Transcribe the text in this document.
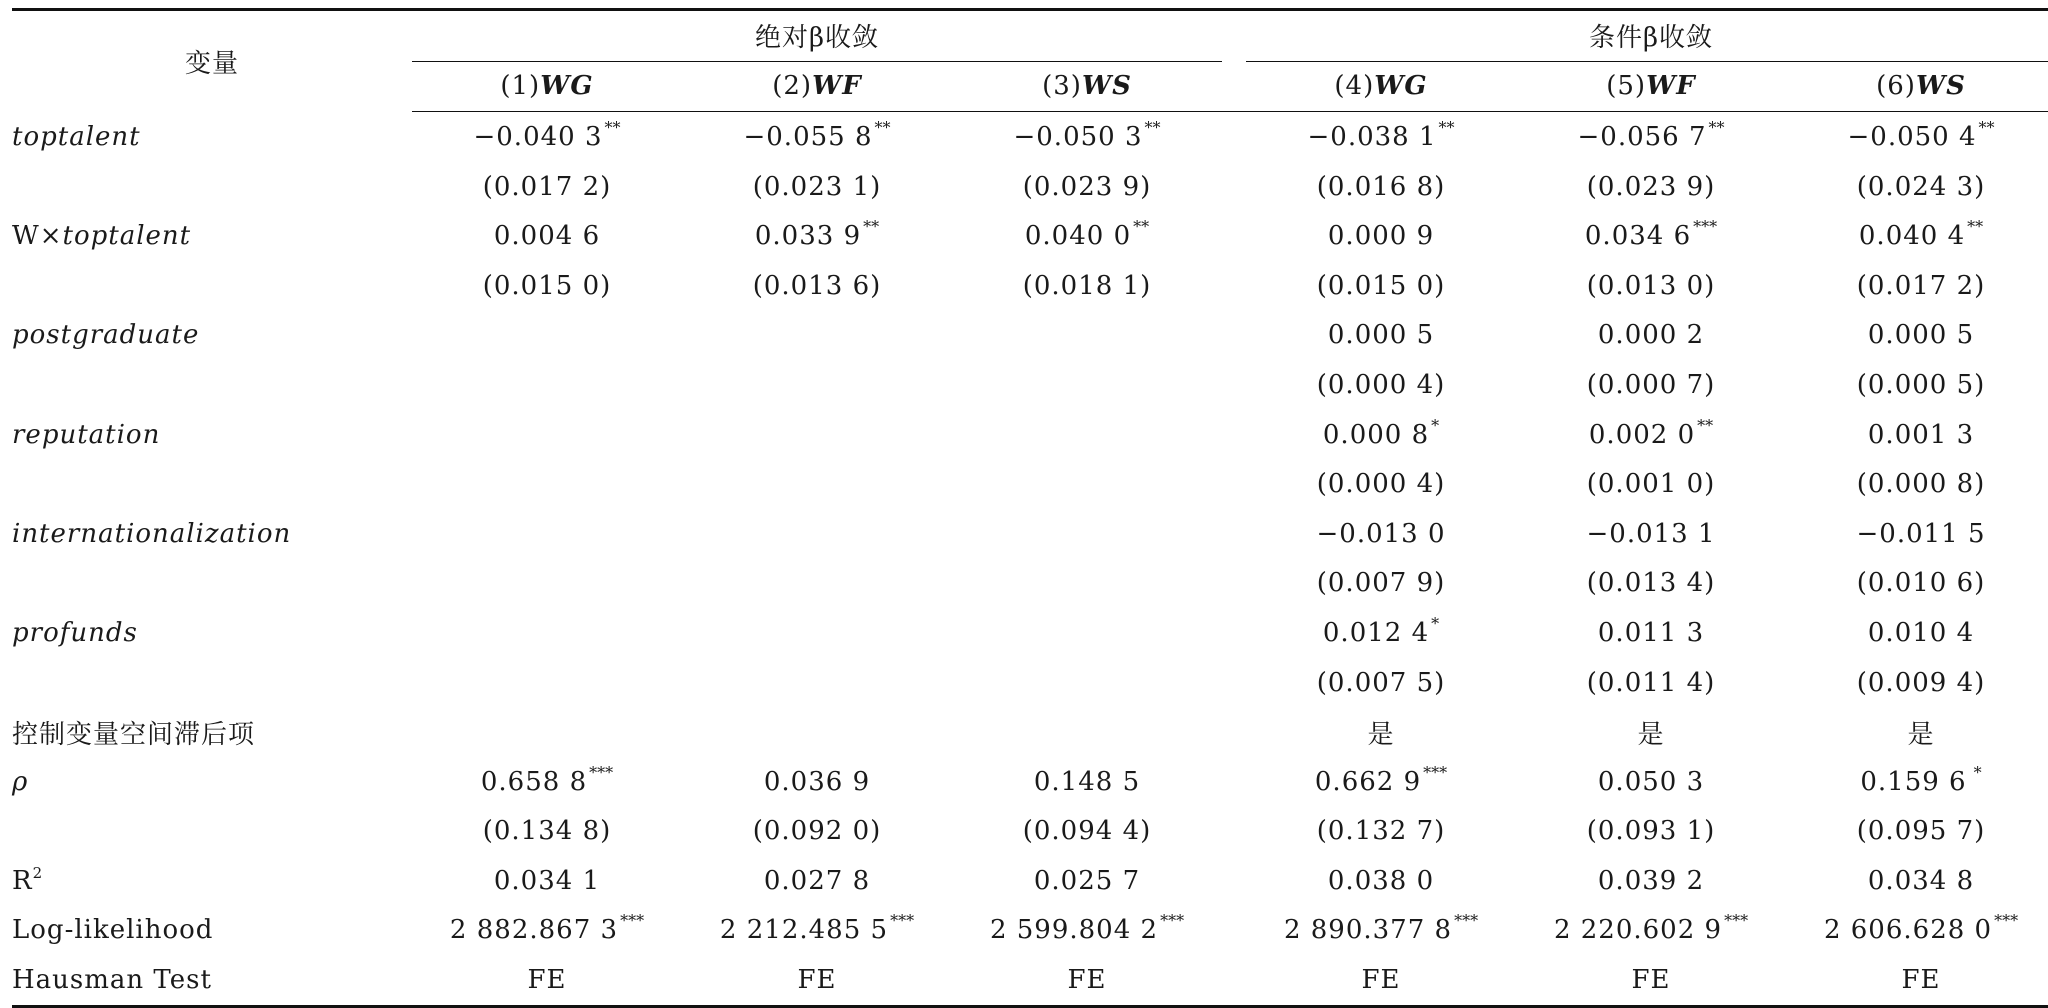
变量	绝对β收敛				条件β收敛		
	(1)WG	(2)WF	(3)WS		(4)WG	(5)WF	(6)WS
toptalent	−0.040 3 **	−0.055 8 **	−0.050 3 **		−0.038 1 **	−0.056 7 **	−0.050 4 **
	(0.017 2)	(0.023 1)	(0.023 9)		(0.016 8)	(0.023 9)	(0.024 3)
W×toptalent	0.004 6	0.033 9 **	0.040 0 **		0.000 9	0.034 6 ***	0.040 4 **
	(0.015 0)	(0.013 6)	(0.018 1)		(0.015 0)	(0.013 0)	(0.017 2)
postgraduate					0.000 5	0.000 2	0.000 5
					(0.000 4)	(0.000 7)	(0.000 5)
reputation					0.000 8 *	0.002 0 **	0.001 3
					(0.000 4)	(0.001 0)	(0.000 8)
internationalization					−0.013 0	−0.013 1	−0.011 5
					(0.007 9)	(0.013 4)	(0.010 6)
profunds					0.012 4 *	0.011 3	0.010 4
					(0.007 5)	(0.011 4)	(0.009 4)
控制变量空间滞后项					是	是	是
ρ	0.658 8 ***	0.036 9	0.148 5		0.662 9 ***	0.050 3	0.159 6 *
	(0.134 8)	(0.092 0)	(0.094 4)		(0.132 7)	(0.093 1)	(0.095 7)
$R^2$	0.034 1	0.027 8	0.025 7		0.038 0	0.039 2	0.034 8
Log-likelihood	2 882.867 3 ***	2 212.485 5 ***	2 599.804 2 ***		2 890.377 8 ***	2 220.602 9 ***	2 606.628 0 ***
Hausman Test	FE	FE	FE		FE	FE	FE
